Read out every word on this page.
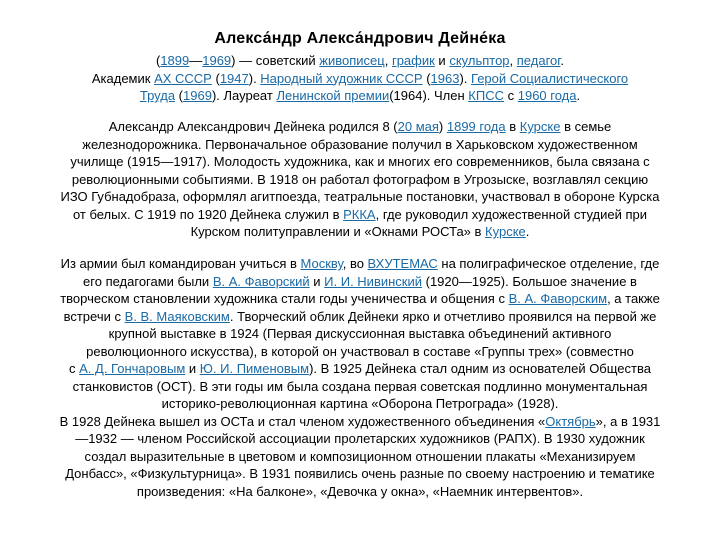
Алекса́ндр Алекса́ндрович Дейне́ка
(1899—1969) — советский живописец, график и скульптор, педагог.
Академик АХ СССР (1947). Народный художник СССР (1963). Герой Социалистического
Труда (1969). Лауреат Ленинской премии(1964). Член КПСС с 1960 года.
Александр Александрович Дейнека родился 8 (20 мая) 1899 года в Курске в семье
железнодорожника. Первоначальное образование получил в Харьковском художественном
училище (1915—1917). Молодость художника, как и многих его современников, была связана с
революционными событиями. В 1918 он работал фотографом в Угрозыске, возглавлял секцию
ИЗО Губнадобраза, оформлял агитпоезда, театральные постановки, участвовал в обороне Курска
от белых. С 1919 по 1920 Дейнека служил в РККА, где руководил художественной студией при
Курском политуправлении и «Окнами РОСТа» в Курске.
Из армии был командирован учиться в Москву, во ВХУТЕМАС на полиграфическое отделение, где
его педагогами были В. А. Фаворский и И. И. Нивинский (1920—1925). Большое значение в
творческом становлении художника стали годы ученичества и общения с В. А. Фаворским, а также
встречи с В. В. Маяковским. Творческий облик Дейнеки ярко и отчетливо проявился на первой же
крупной выставке в 1924 (Первая дискуссионная выставка объединений активного
революционного искусства), в которой он участвовал в составе «Группы трех» (совместно
с А. Д. Гончаровым и Ю. И. Пименовым). В 1925 Дейнека стал одним из основателей Общества
станковистов (ОСТ). В эти годы им была создана первая советская подлинно монументальная
историко-революционная картина «Оборона Петрограда» (1928).
В 1928 Дейнека вышел из ОСТа и стал членом художественного объединения «Октябрь», а в 1931
—1932 — членом Российской ассоциации пролетарских художников (РАПХ). В 1930 художник
создал выразительные в цветовом и композиционном отношении плакаты «Механизируем
Донбасс», «Физкультурница». В 1931 появились очень разные по своему настроению и тематике
произведения: «На балконе», «Девочка у окна», «Наемник интервентов».
